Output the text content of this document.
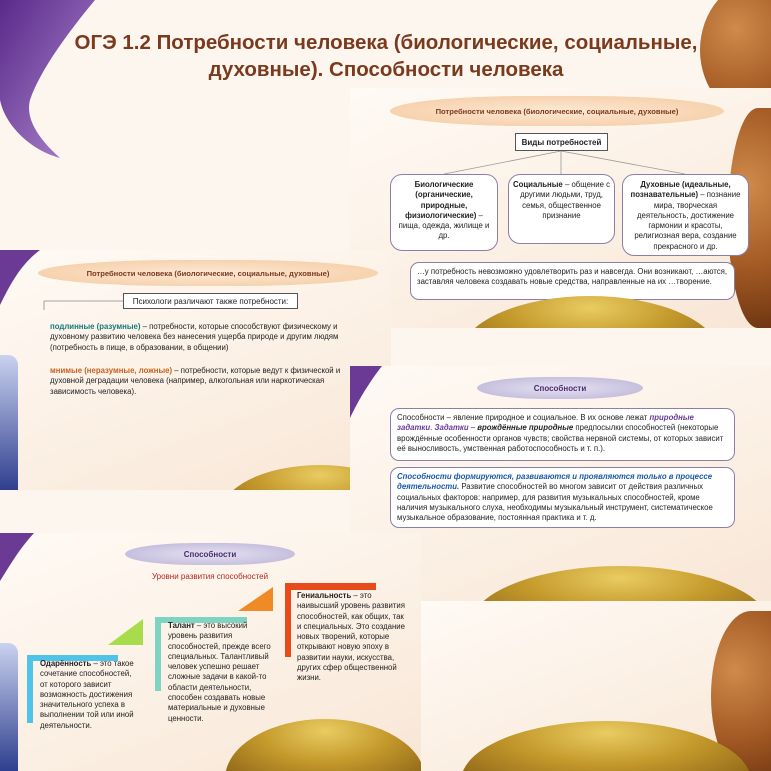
ОГЭ 1.2 Потребности человека (биологические, социальные, духовные). Способности человека
Потребности человека (биологические, социальные, духовные)
Виды потребностей
Биологические (органические, природные, физиологические) – пища, одежда, жилище и др.
Социальные – общение с другими людьми, труд, семья, общественное признание
Духовные (идеальные, познавательные) – познание мира, творческая деятельность, достижение гармонии и красоты, религиозная вера, создание прекрасного и др.
…у потребность невозможно удовлетворить раз и навсегда. Они возникают, …аются, заставляя человека создавать новые средства, направленные на их …творение.
Потребности человека (биологические, социальные, духовные)
Психологи различают также потребности:
подлинные (разумные) – потребности, которые способствуют физическому и духовному развитию человека без нанесения ущерба природе и другим людям (потребность в пище, в образовании, в общении)
мнимые (неразумные, ложные) – потребности, которые ведут к физической и духовной деградации человека (например, алкогольная или наркотическая зависимость человека).	Способности
Способности – явление природное и социальное. В их основе лежат природные задатки. Задатки – врождённые природные предпосылки способностей (некоторые врождённые особенности органов чувств; свойства нервной системы, от которых зависит её выносливость, умственная работоспособность и т. п.).
Способности формируются, развиваются и проявляются только в процессе деятельности. Развитие способностей во многом зависит от действия различных социальных факторов: например, для развития музыкальных способностей, кроме наличия музыкального слуха, необходимы музыкальный инструмент, систематическое музыкальное образование, постоянная практика и т. д.
Способности
Уровни развития способностей
Одарённость – это такое сочетание способностей, от которого зависит возможность достижения значительного успеха в выполнении той или иной деятельности.
Талант – это высокий уровень развития способностей, прежде всего специальных. Талантливый человек успешно решает сложные задачи в какой-то области деятельности, способен создавать новые материальные и духовные ценности.
Гениальность – это наивысший уровень развития способностей, как общих, так и специальных. Это создание новых творений, которые открывают новую эпоху в развитии науки, искусства, других сфер общественной жизни.
